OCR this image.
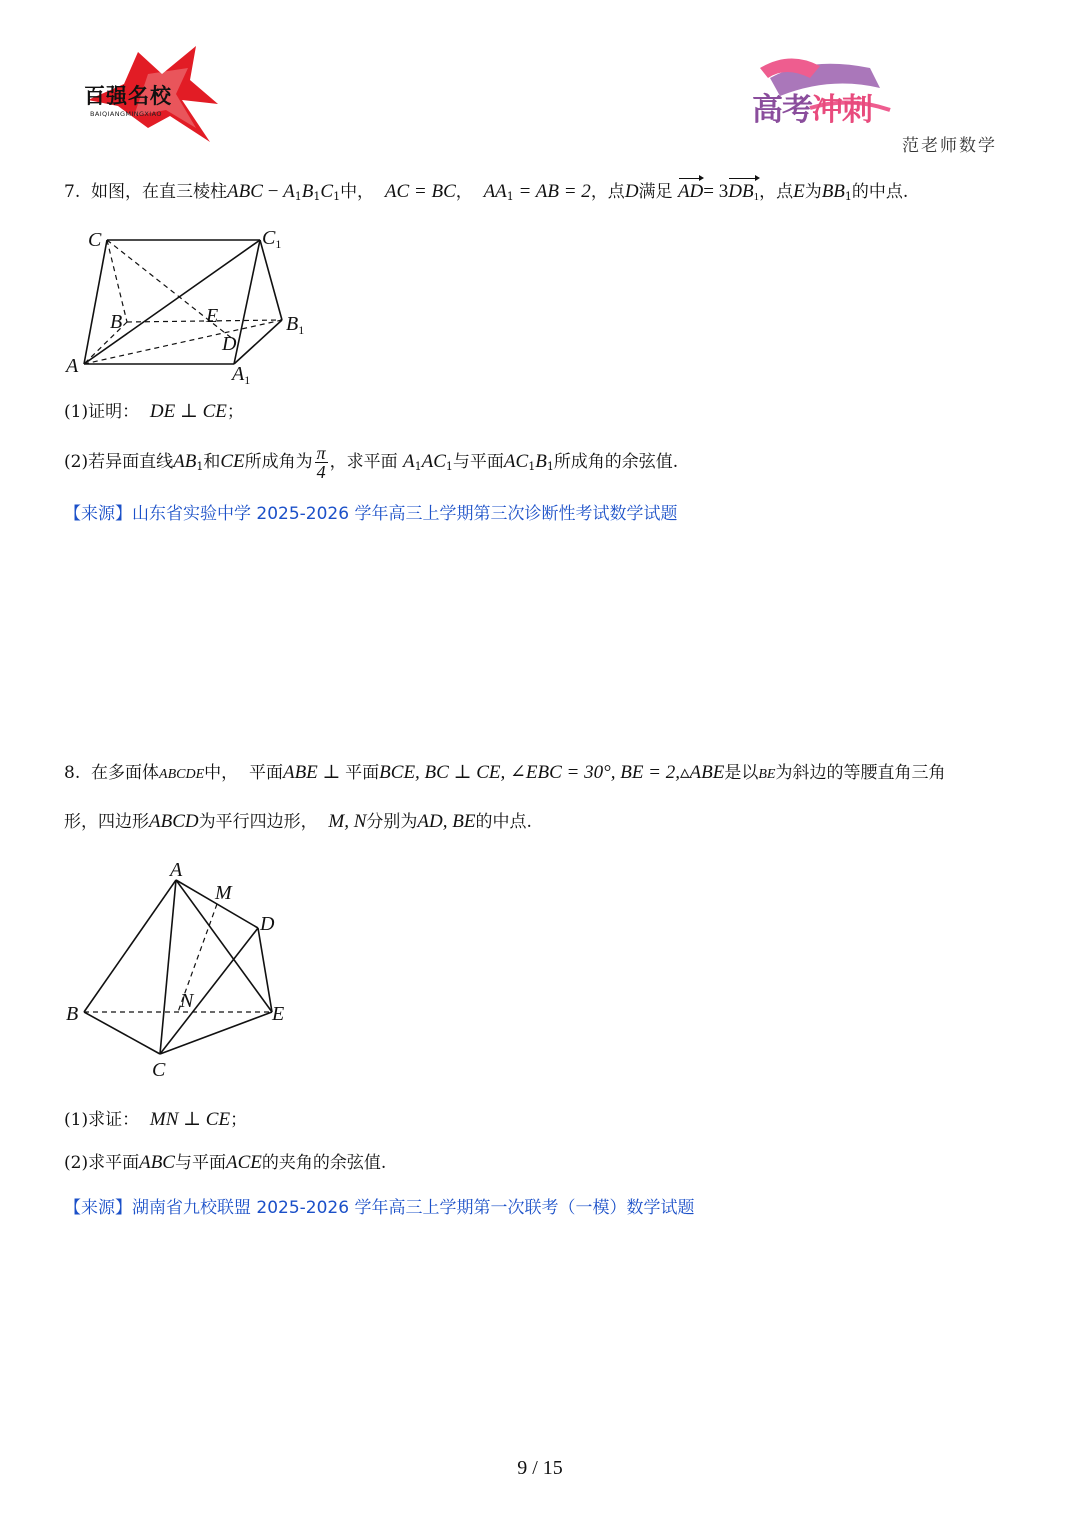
百强名校
BAIQIANGMINGXIAO	高考冲刺
范老师数学
7. 如图，在直三棱柱ABC − $A_1B_1C_1$中， AC = BC，  $AA_1$ = AB = 2，点D满足 $AD= 3DB_1$，点E为$BB_1$的中点.
C	$C_1$
B	E	$B_1$
D
A	$A_1$
(1)证明： DE ⊥ CE；
(2)若异面直线$AB_1$和CE所成角为 $\frac{\pi}{4}$ ，求平面 $A_1AC_1$与平面$AC_1B_1$所成角的余弦值.
【来源】山东省实验中学 2025-2026 学年高三上学期第三次诊断性考试数学试题
8. 在多面体ABCDE中， 平面ABE ⊥ 平面BCE, BC ⊥ CE, ∠EBC = 30°, BE = 2,▵ABE是以BE为斜边的等腰直角三角
形，四边形ABCD为平行四边形， M, N分别为AD, BE的中点.
A
M
D
B
N
E
C
(1)求证： MN ⊥ CE；
(2)求平面ABC与平面ACE的夹角的余弦值.
【来源】湖南省九校联盟 2025-2026 学年高三上学期第一次联考（一模）数学试题
9 / 15
